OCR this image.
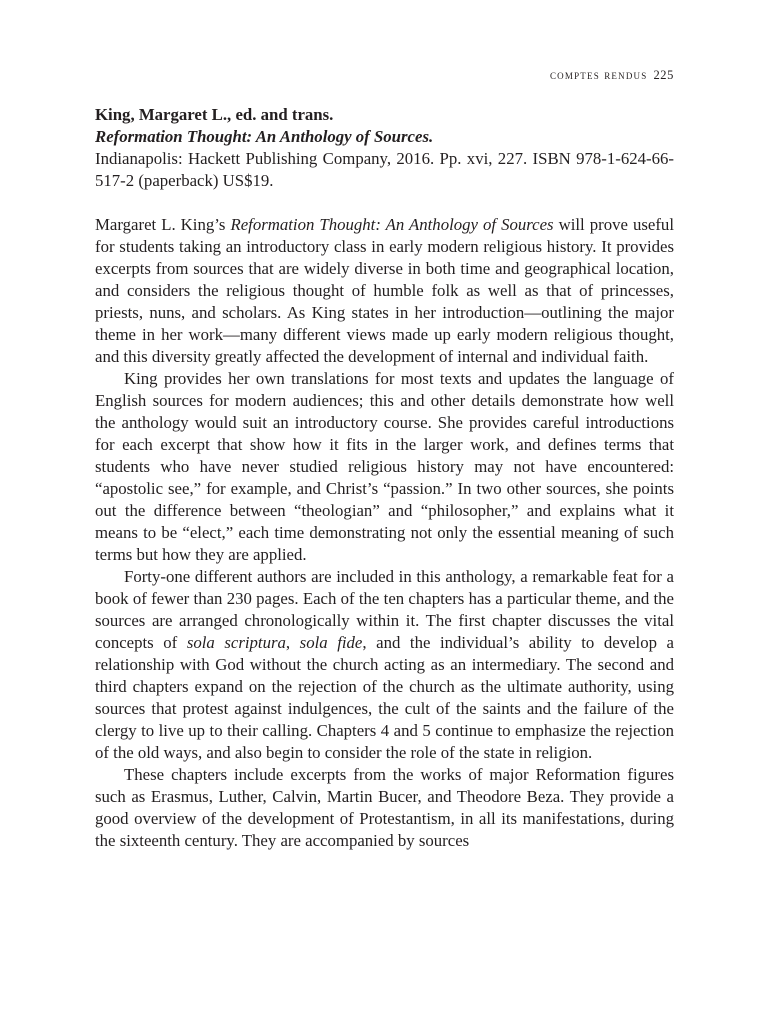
comptes rendus 225
King, Margaret L., ed. and trans.
Reformation Thought: An Anthology of Sources.
Indianapolis: Hackett Publishing Company, 2016. Pp. xvi, 227. ISBN 978-1-624-66-517-2 (paperback) US$19.

Margaret L. King’s Reformation Thought: An Anthology of Sources will prove useful for students taking an introductory class in early modern religious history. It provides excerpts from sources that are widely diverse in both time and geographical location, and considers the religious thought of humble folk as well as that of princesses, priests, nuns, and scholars. As King states in her introduction—outlining the major theme in her work—many different views made up early modern religious thought, and this diversity greatly affected the development of internal and individual faith.

King provides her own translations for most texts and updates the language of English sources for modern audiences; this and other details demonstrate how well the anthology would suit an introductory course. She provides careful introductions for each excerpt that show how it fits in the larger work, and defines terms that students who have never studied religious history may not have encountered: “apostolic see,” for example, and Christ’s “passion.” In two other sources, she points out the difference between “theologian” and “philosopher,” and explains what it means to be “elect,” each time demonstrating not only the essential meaning of such terms but how they are applied.

Forty-one different authors are included in this anthology, a remarkable feat for a book of fewer than 230 pages. Each of the ten chapters has a particular theme, and the sources are arranged chronologically within it. The first chapter discusses the vital concepts of sola scriptura, sola fide, and the individual’s ability to develop a relationship with God without the church acting as an intermediary. The second and third chapters expand on the rejection of the church as the ultimate authority, using sources that protest against indulgences, the cult of the saints and the failure of the clergy to live up to their calling. Chapters 4 and 5 continue to emphasize the rejection of the old ways, and also begin to consider the role of the state in religion.

These chapters include excerpts from the works of major Reformation figures such as Erasmus, Luther, Calvin, Martin Bucer, and Theodore Beza. They provide a good overview of the development of Protestantism, in all its manifestations, during the sixteenth century. They are accompanied by sources
